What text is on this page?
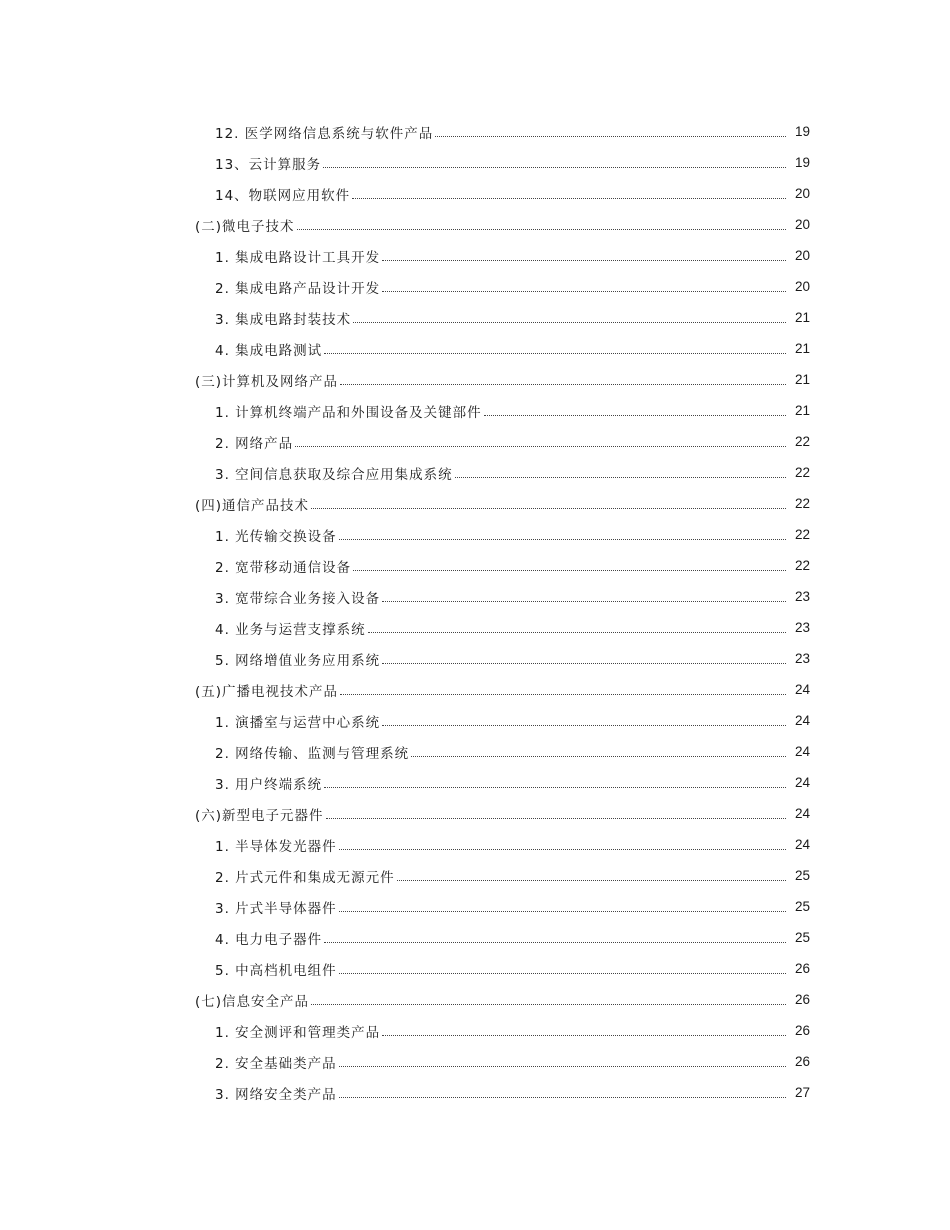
12. 医学网络信息系统与软件产品	19
13、云计算服务	19
14、物联网应用软件	20
(二)微电子技术	20
1. 集成电路设计工具开发	20
2. 集成电路产品设计开发	20
3. 集成电路封装技术	21
4. 集成电路测试	21
(三)计算机及网络产品	21
1. 计算机终端产品和外围设备及关键部件	21
2. 网络产品	22
3. 空间信息获取及综合应用集成系统	22
(四)通信产品技术	22
1. 光传输交换设备	22
2. 宽带移动通信设备	22
3. 宽带综合业务接入设备	23
4. 业务与运营支撑系统	23
5. 网络增值业务应用系统	23
(五)广播电视技术产品	24
1. 演播室与运营中心系统	24
2. 网络传输、监测与管理系统	24
3. 用户终端系统	24
(六)新型电子元器件	24
1. 半导体发光器件	24
2. 片式元件和集成无源元件	25
3. 片式半导体器件	25
4. 电力电子器件	25
5. 中高档机电组件	26
(七)信息安全产品	26
1. 安全测评和管理类产品	26
2. 安全基础类产品	26
3. 网络安全类产品	27
